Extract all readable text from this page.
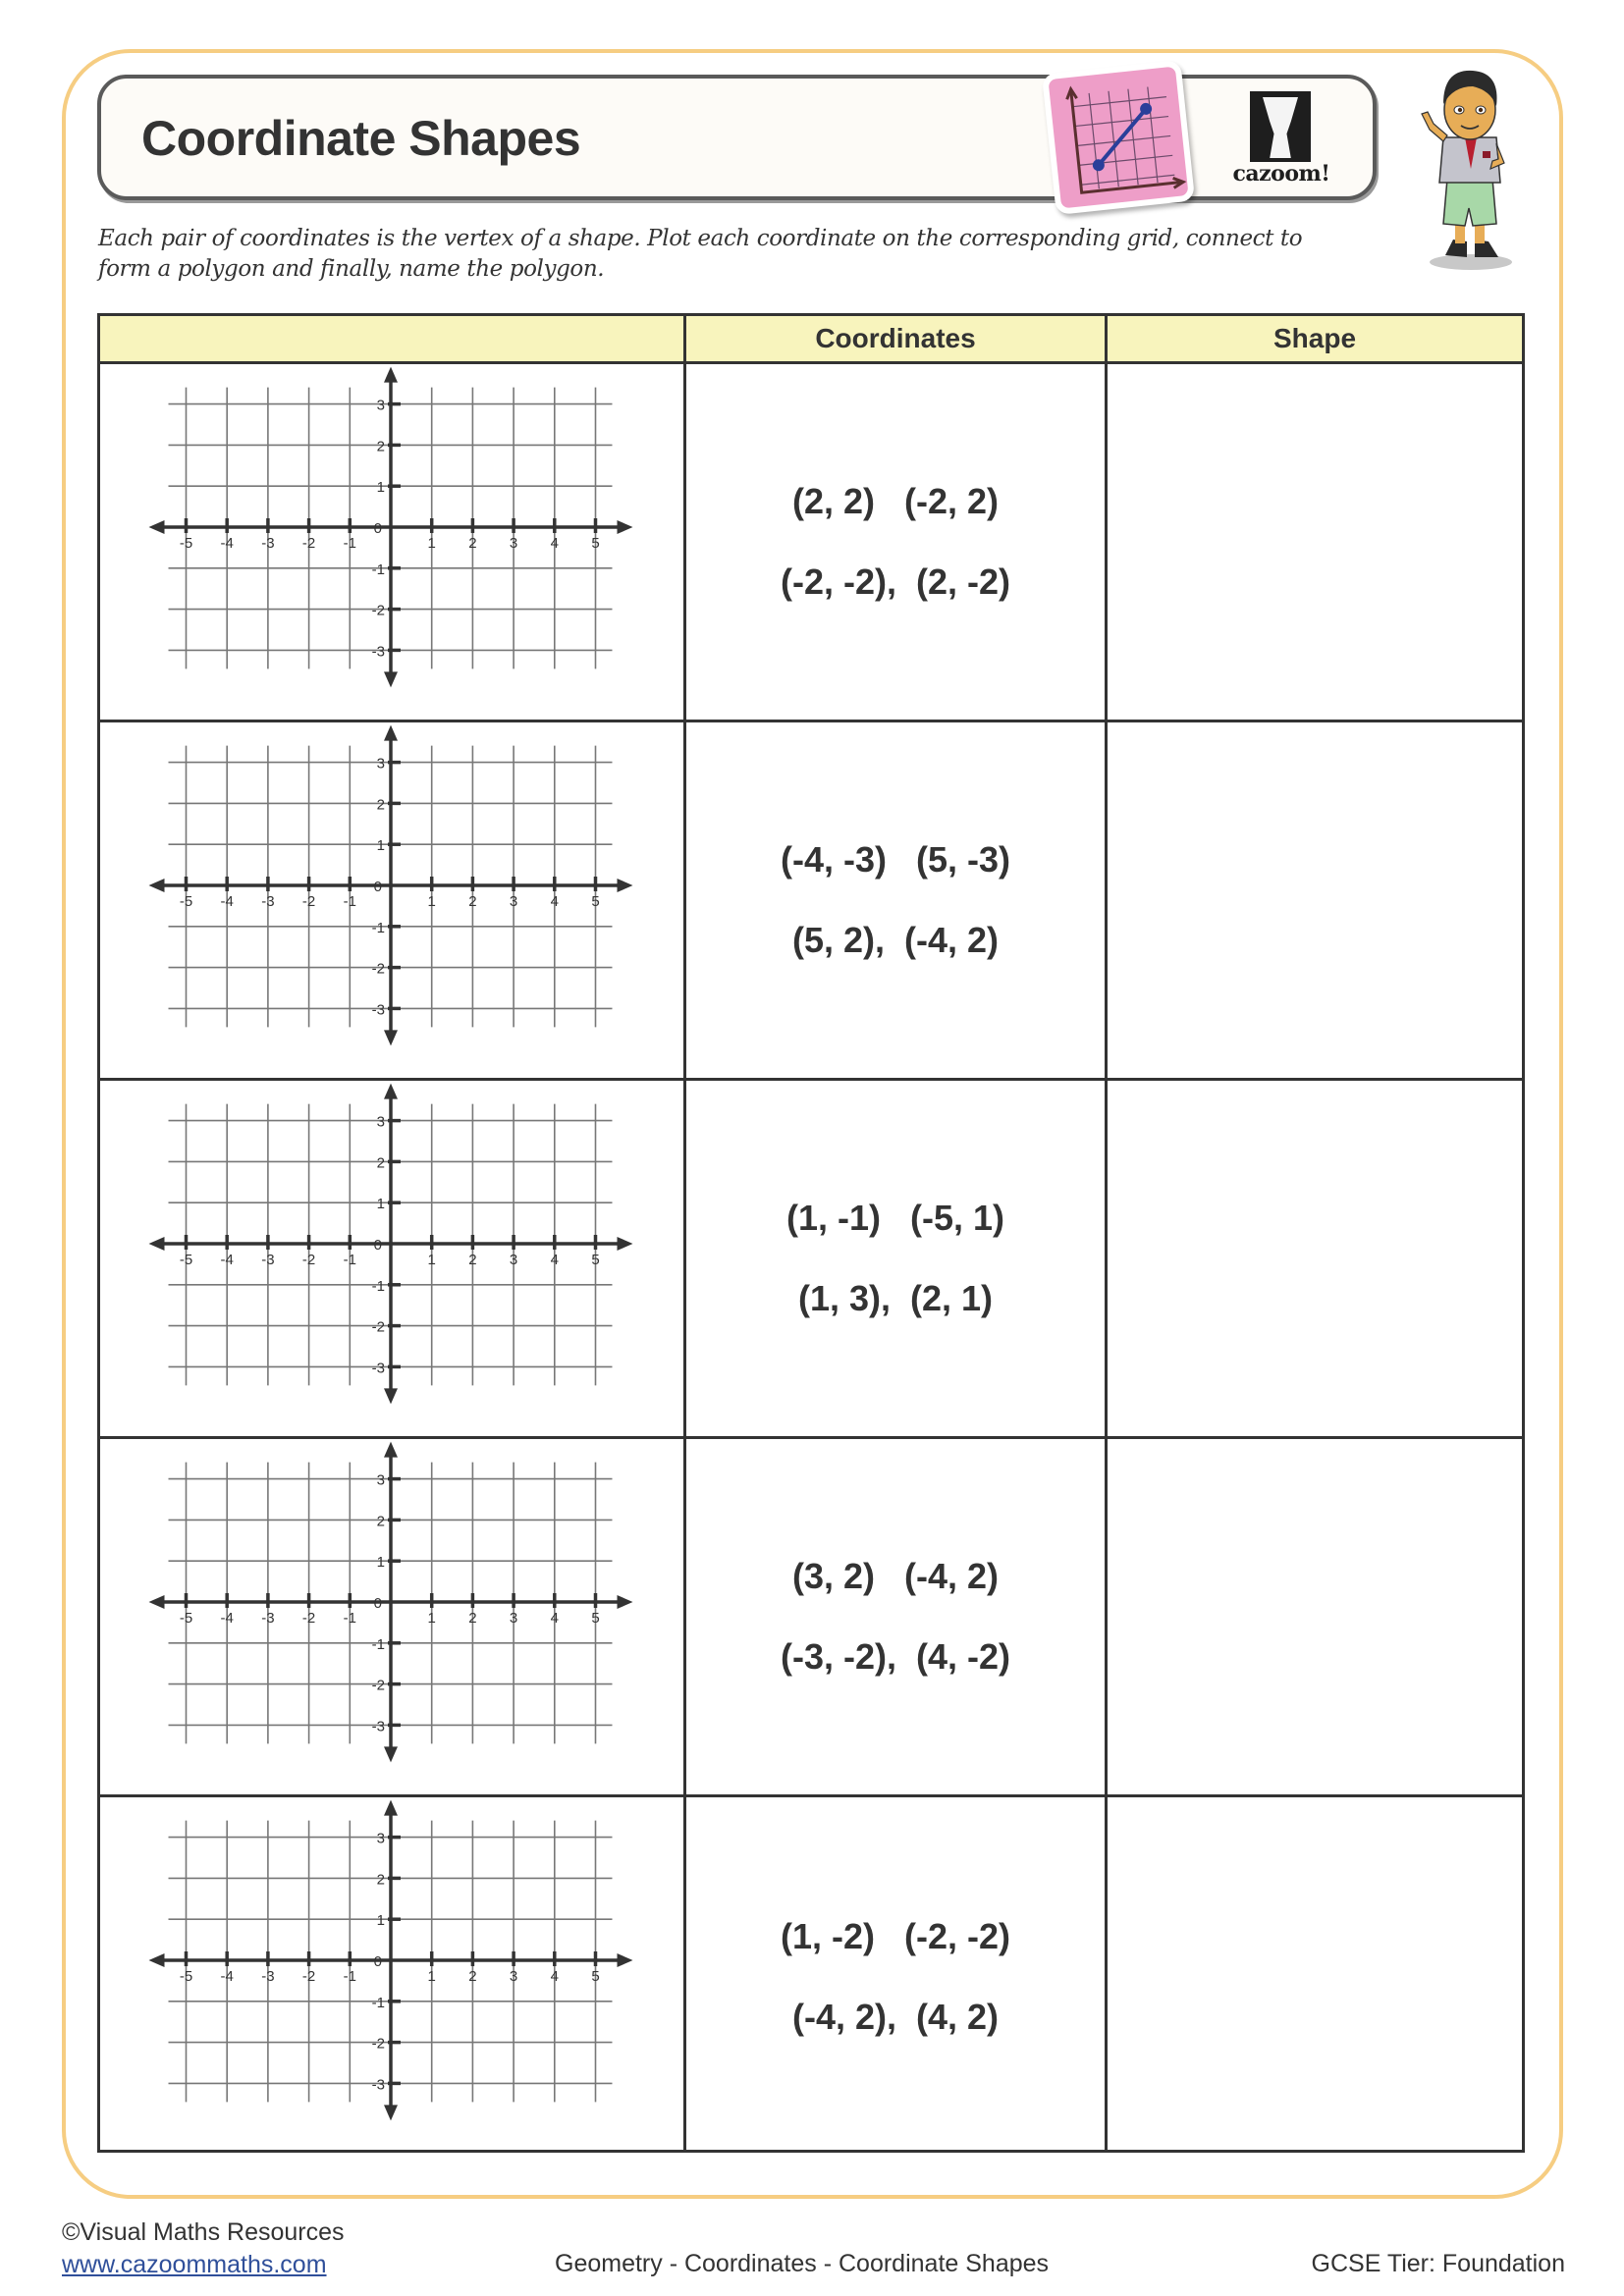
Coordinate Shapes
cazoom!
Each pair of coordinates is the vertex of a shape. Plot each coordinate on the corresponding grid, connect to form a polygon and finally, name the polygon.
Coordinates	Shape
-5 -4 -3 -2 -1	1 2 3 4 5
0
-3
-2
-1
1
2
3
(2, 2)   (-2, 2)
(-2, -2),  (2, -2)
-5 -4 -3 -2 -1	1 2 3 4 5
0
-3
-2
-1
1
2
3
(-4, -3)   (5, -3)
(5, 2),  (-4, 2)
-5 -4 -3 -2 -1	1 2 3 4 5
0
-3
-2
-1
1
2
3
(1, -1)   (-5, 1)
(1, 3),  (2, 1)
-5 -4 -3 -2 -1	1 2 3 4 5
0
-3
-2
-1
1
2
3
(3, 2)   (-4, 2)
(-3, -2),  (4, -2)
-5 -4 -3 -2 -1	1 2 3 4 5
0
-3
-2
-1
1
2
3
(1, -2)   (-2, -2)
(-4, 2),  (4, 2)
©Visual Maths Resources
www.cazoommaths.com	Geometry - Coordinates - Coordinate Shapes	GCSE Tier: Foundation
